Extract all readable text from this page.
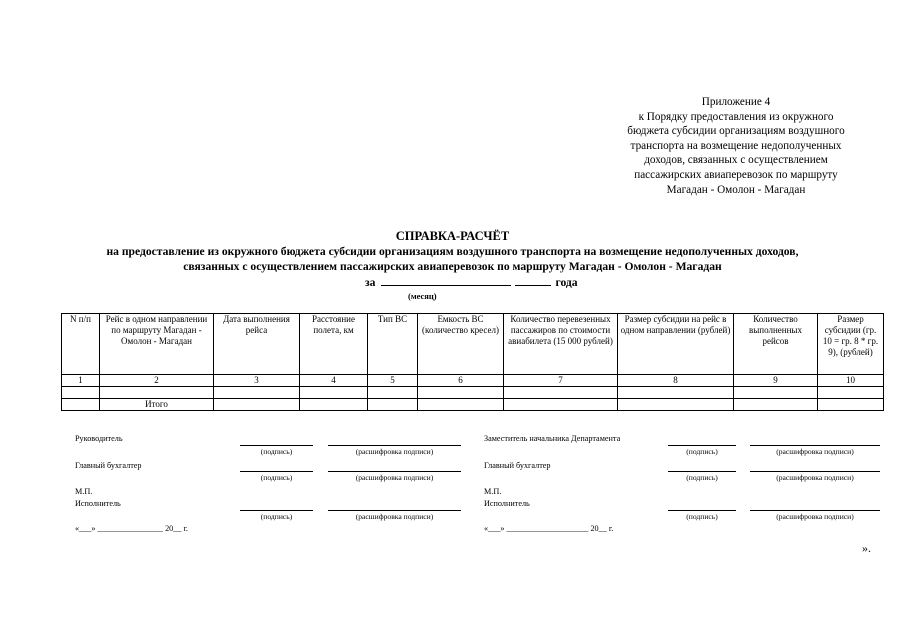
Приложение 4
к Порядку предоставления из окружного
бюджета субсидии организациям воздушного
транспорта на возмещение недополученных
доходов, связанных с осуществлением
пассажирских авиаперевозок по маршруту
Магадан - Омолон - Магадан
СПРАВКА-РАСЧЁТ
на предоставление из окружного бюджета субсидии организациям воздушного транспорта на возмещение недополученных доходов,
связанных с осуществлением пассажирских авиаперевозок по маршруту Магадан - Омолон - Магадан
за	года
(месяц)
N п/п	Рейс в одном направлении по маршруту Магадан - Омолон - Магадан	Дата выполнения рейса	Расстояние полета, км	Тип ВС	Емкость ВС (количество кресел)	Количество перевезенных пассажиров по стоимости авиабилета (15 000 рублей)	Размер субсидии на рейс в одном направлении (рублей)	Количество выполненных рейсов	Размер субсидии (гр. 10 = гр. 8 * гр. 9), (рублей)
1	2	3	4	5	6	7	8	9	10

	Итого								
Руководитель
(подпись)	(расшифровка подписи)
Главный бухгалтер
(подпись)	(расшифровка подписи)
М.П.
Исполнитель
(подпись)	(расшифровка подписи)
«___» ________________ 20__ г.
Заместитель начальника Департамента
(подпись)	(расшифровка подписи)
Главный бухгалтер
(подпись)	(расшифровка подписи)
М.П.
Исполнитель
(подпись)	(расшифровка подписи)
«___» ____________________ 20__ г.
».
